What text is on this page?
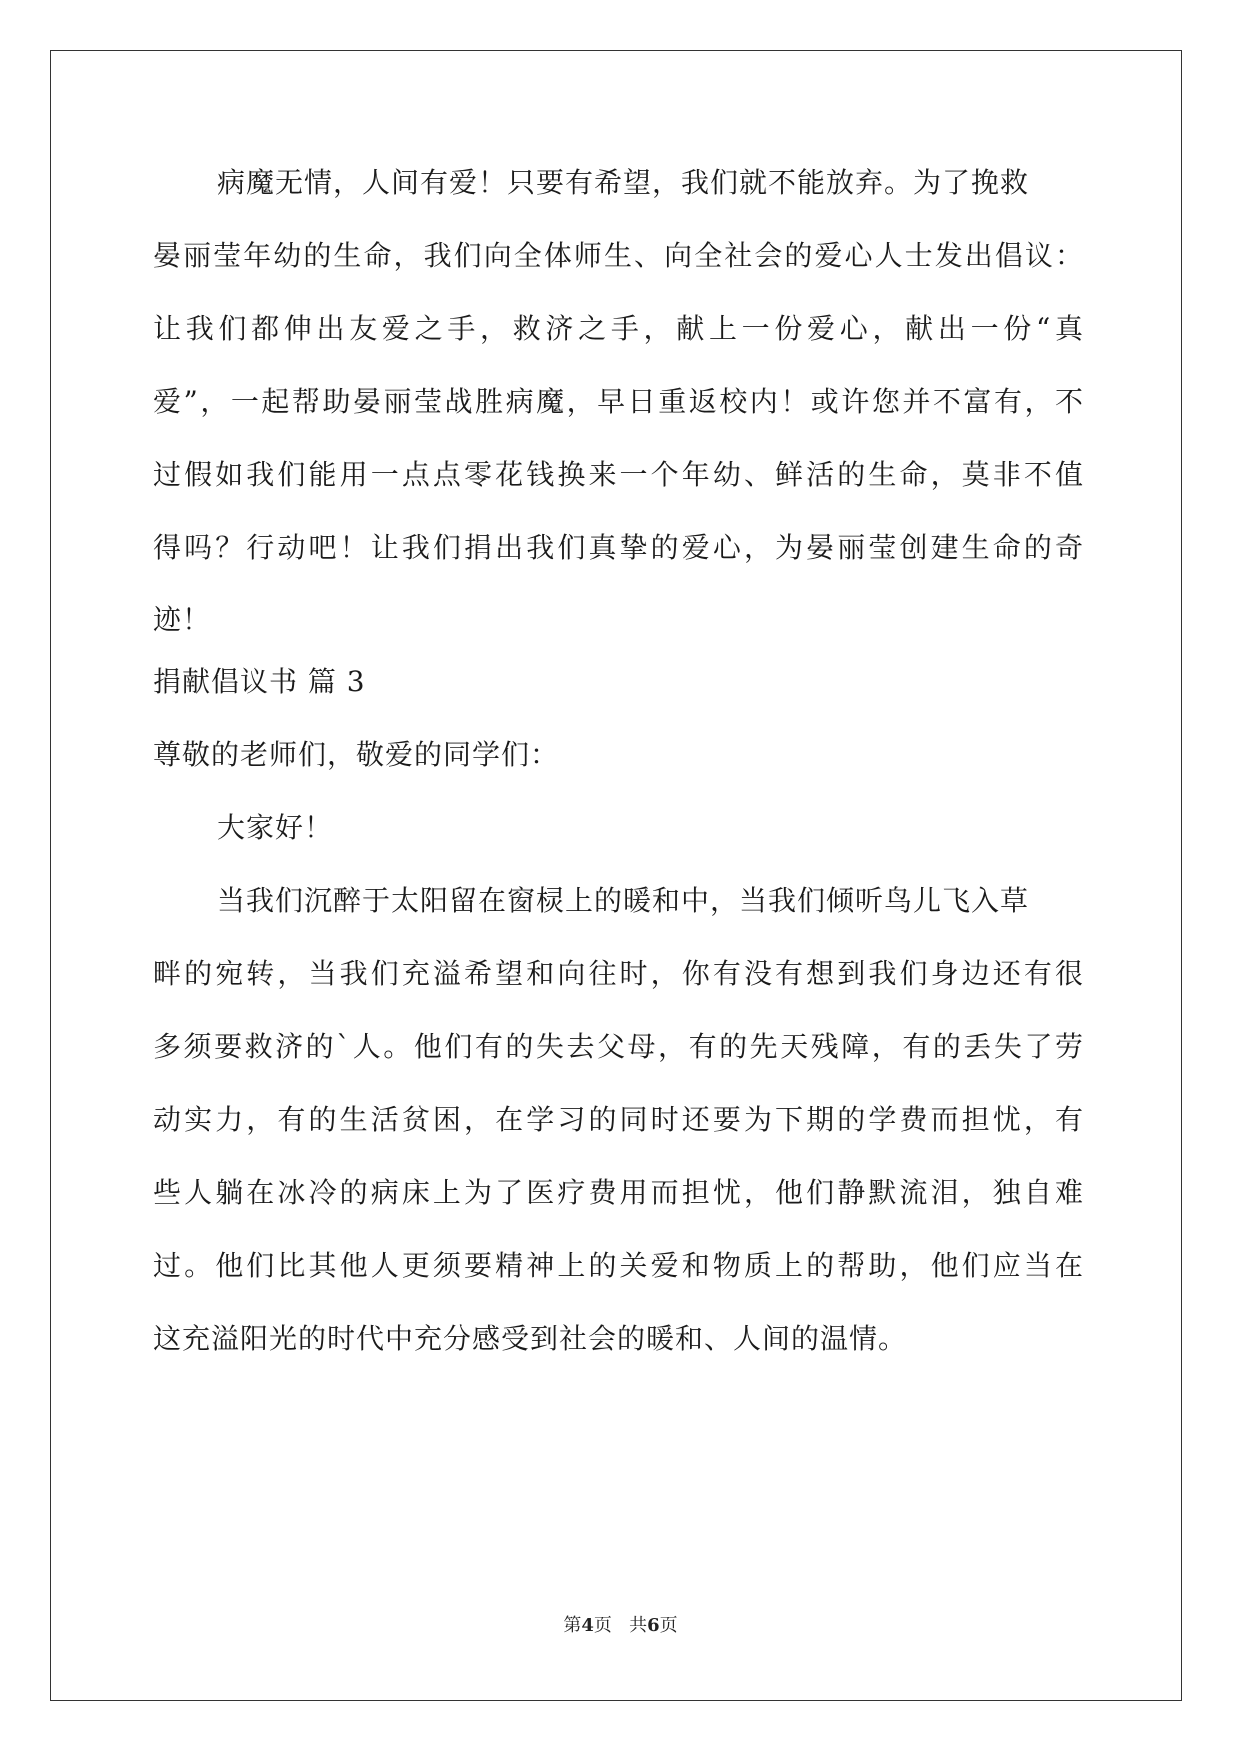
病魔无情，人间有爱！只要有希望，我们就不能放弃。为了挽救
晏丽莹年幼的生命，我们向全体师生、向全社会的爱心人士发出倡议：
让我们都伸出友爱之手，救济之手，献上一份爱心，献出一份“真
爱”，一起帮助晏丽莹战胜病魔，早日重返校内！或许您并不富有，不
过假如我们能用一点点零花钱换来一个年幼、鲜活的生命，莫非不值
得吗？行动吧！让我们捐出我们真挚的爱心，为晏丽莹创建生命的奇
迹！
捐献倡议书 篇 3
尊敬的老师们，敬爱的同学们：
大家好！
当我们沉醉于太阳留在窗棂上的暖和中，当我们倾听鸟儿飞入草
畔的宛转，当我们充溢希望和向往时，你有没有想到我们身边还有很
多须要救济的`人。他们有的失去父母，有的先天残障，有的丢失了劳
动实力，有的生活贫困，在学习的同时还要为下期的学费而担忧，有
些人躺在冰冷的病床上为了医疗费用而担忧，他们静默流泪，独自难
过。他们比其他人更须要精神上的关爱和物质上的帮助，他们应当在
这充溢阳光的时代中充分感受到社会的暖和、人间的温情。
第4页   共6页
